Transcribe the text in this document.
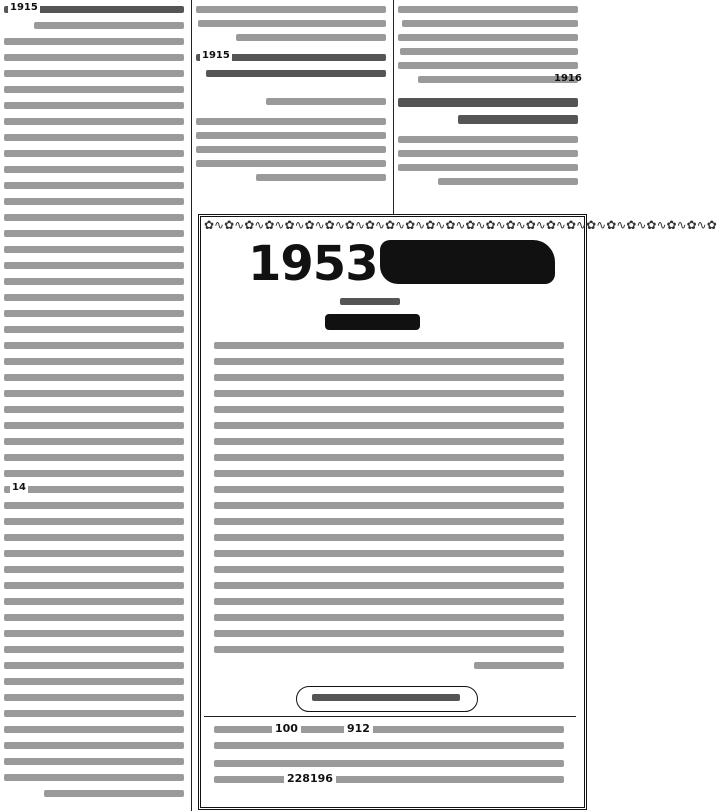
1916
1915
1915
14
✿∿✿∿✿∿✿∿✿∿✿∿✿∿✿∿✿∿✿∿✿∿✿∿✿∿✿∿✿∿✿∿✿∿✿∿✿∿✿∿✿∿✿∿✿∿✿∿✿∿✿
1953
912
100
228196
